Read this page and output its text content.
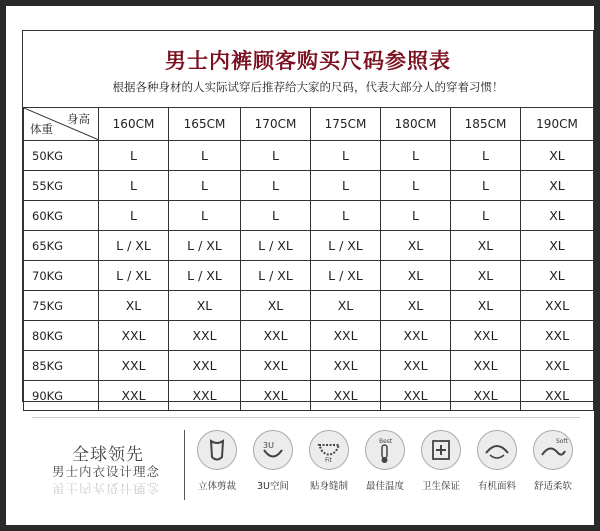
男士内裤顾客购买尺码参照表
根据各种身材的人实际试穿后推荐给大家的尺码，代表大部分人的穿着习惯！
身高
体重	160CM	165CM	170CM	175CM	180CM	185CM	190CM
50KG	L	L	L	L	L	L	XL
55KG	L	L	L	L	L	L	XL
60KG	L	L	L	L	L	L	XL
65KG	L / XL	L / XL	L / XL	L / XL	XL	XL	XL
70KG	L / XL	L / XL	L / XL	L / XL	XL	XL	XL
75KG	XL	XL	XL	XL	XL	XL	XXL
80KG	XXL	XXL	XXL	XXL	XXL	XXL	XXL
85KG	XXL	XXL	XXL	XXL	XXL	XXL	XXL
90KG	XXL	XXL	XXL	XXL	XXL	XXL	XXL
全球领先
男士内衣设计理念
男士内衣设计理念	立体剪裁
3U
3U空间
Fit
贴身缝制
Best
最佳温度	卫生保证	有机面料
Soft
舒适柔软
